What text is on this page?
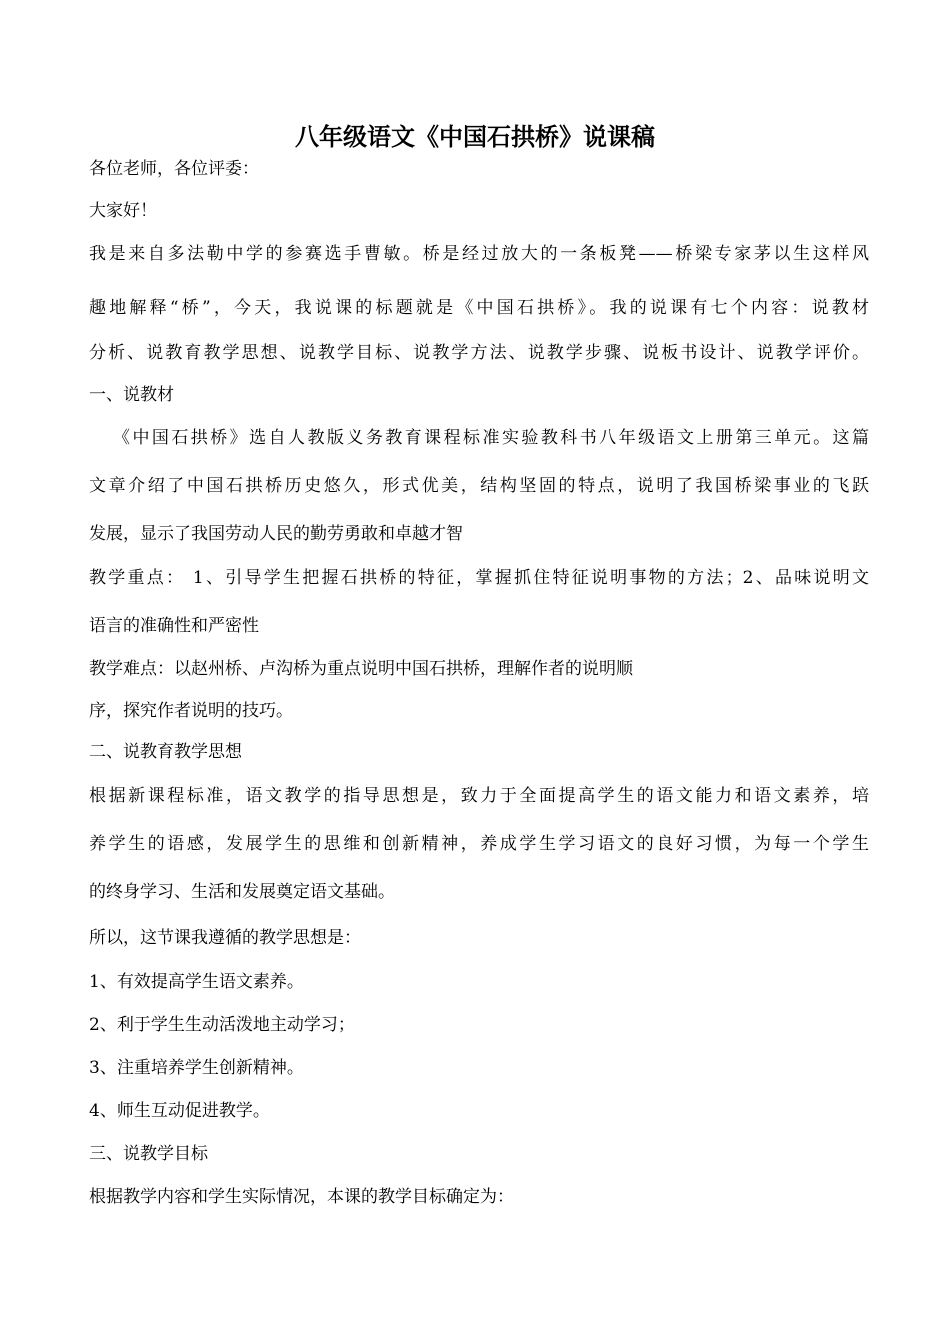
八年级语文《中国石拱桥》说课稿
各位老师，各位评委：
大家好！
我是来自多法勒中学的参赛选手曹敏。桥是经过放大的一条板凳——桥梁专家茅以生这样风
趣地解释“桥”，今天，我说课的标题就是《中国石拱桥》。我的说课有七个内容：说教材
分析、说教育教学思想、说教学目标、说教学方法、说教学步骤、说板书设计、说教学评价。
一、说教材
《中国石拱桥》选自人教版义务教育课程标准实验教科书八年级语文上册第三单元。这篇
文章介绍了中国石拱桥历史悠久，形式优美，结构坚固的特点，说明了我国桥梁事业的飞跃
发展，显示了我国劳动人民的勤劳勇敢和卓越才智
教学重点： 1、引导学生把握石拱桥的特征，掌握抓住特征说明事物的方法；2、品味说明文
语言的准确性和严密性
教学难点：以赵州桥、卢沟桥为重点说明中国石拱桥，理解作者的说明顺
序，探究作者说明的技巧。
二、说教育教学思想
根据新课程标准，语文教学的指导思想是，致力于全面提高学生的语文能力和语文素养，培
养学生的语感，发展学生的思维和创新精神，养成学生学习语文的良好习惯，为每一个学生
的终身学习、生活和发展奠定语文基础。
所以，这节课我遵循的教学思想是：
1、有效提高学生语文素养。
2、利于学生生动活泼地主动学习；
3、注重培养学生创新精神。
4、师生互动促进教学。
三、说教学目标
根据教学内容和学生实际情况，本课的教学目标确定为：
